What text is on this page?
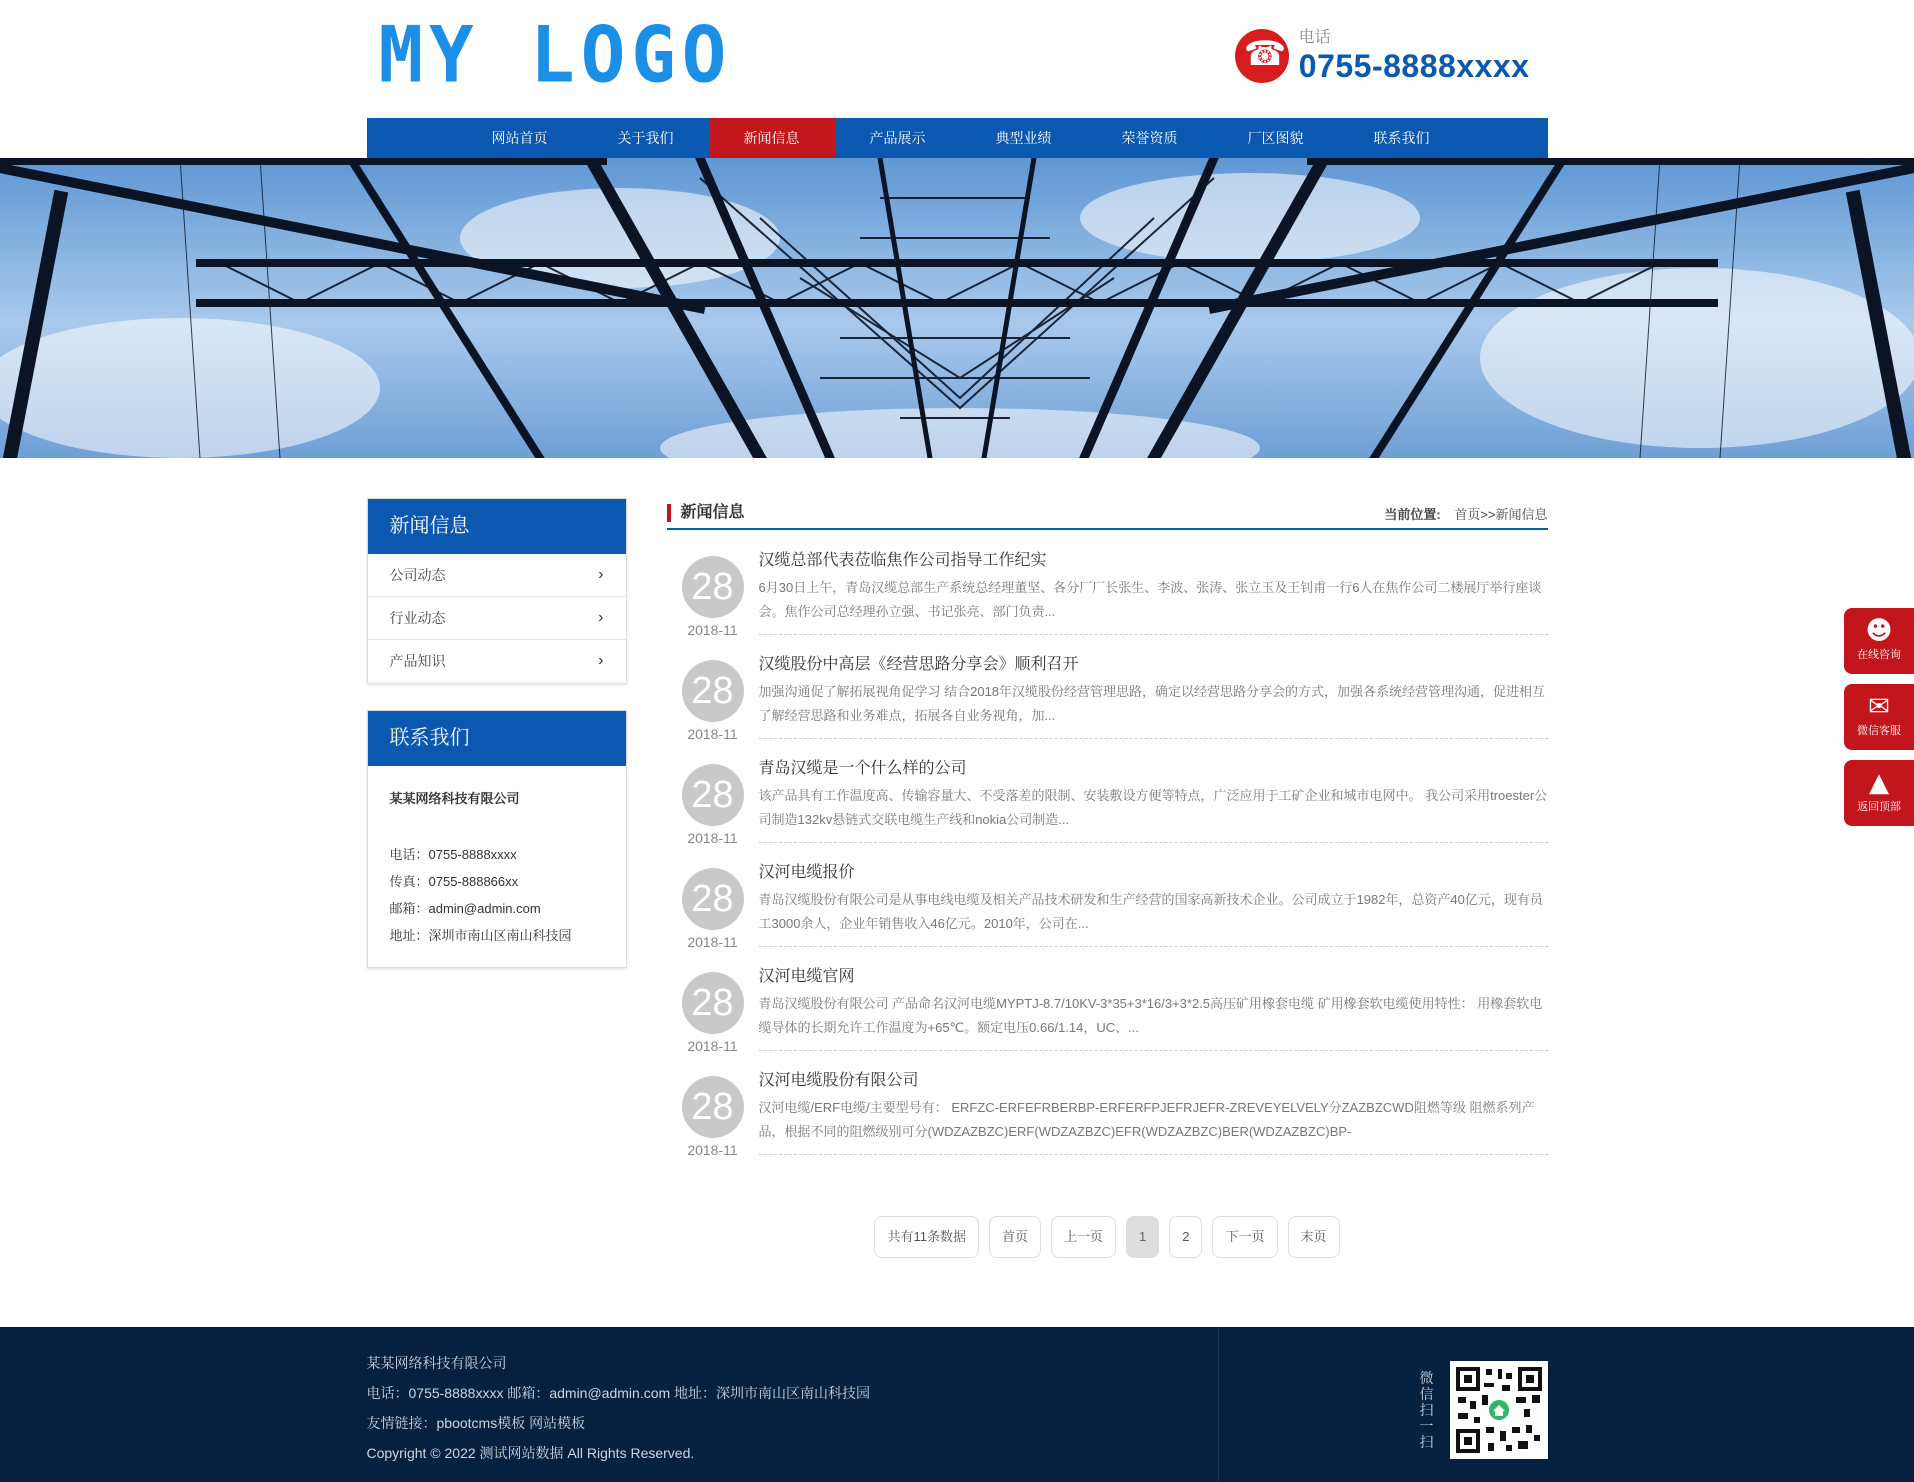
MY LOGO
☎	电话
0755-8888xxxx
网站首页	关于我们	新闻信息	产品展示	典型业绩	荣誉资质	厂区图貌	联系我们
新闻信息
公司动态	›
行业动态	›
产品知识	›
联系我们
某某网络科技有限公司
电话：0755-8888xxxx
传真：0755-888866xx
邮箱：admin@admin.com
地址：深圳市南山区南山科技园
新闻信息	当前位置: 首页>>新闻信息
28
2018-11
汉缆总部代表莅临焦作公司指导工作纪实
6月30日上午，青岛汉缆总部生产系统总经理董坚、各分厂厂长张生、李波、张涛、张立玉及王钊甫一行6人在焦作公司二楼展厅举行座谈会。焦作公司总经理孙立强、书记张亮、部门负责...
28
2018-11
汉缆股份中高层《经营思路分享会》顺利召开
加强沟通促了解拓展视角促学习 结合2018年汉缆股份经营管理思路，确定以经营思路分享会的方式，加强各系统经营管理沟通，促进相互了解经营思路和业务难点，拓展各自业务视角，加...
28
2018-11
青岛汉缆是一个什么样的公司
该产品具有工作温度高、传输容量大、不受落差的限制、安装敷设方便等特点，广泛应用于工矿企业和城市电网中。 我公司采用troester公司制造132kv悬链式交联电缆生产线和nokia公司制造...
28
2018-11
汉河电缆报价
青岛汉缆股份有限公司是从事电线电缆及相关产品技术研发和生产经营的国家高新技术企业。公司成立于1982年，总资产40亿元，现有员工3000余人，企业年销售收入46亿元。2010年，公司在...
28
2018-11
汉河电缆官网
青岛汉缆股份有限公司 产品命名汉河电缆MYPTJ-8.7/10KV-3*35+3*16/3+3*2.5高压矿用橡套电缆 矿用橡套软电缆使用特性： 用橡套软电缆导体的长期允许工作温度为+65℃。额定电压0.66/1.14，UC、...
28
2018-11
汉河电缆股份有限公司
汉河电缆/ERF电缆/主要型号有： ERFZC-ERFEFRBERBP-ERFERFPJEFRJEFR-ZREVEYELVELY分ZAZBZCWD阻燃等级 阻燃系列产品，根据不同的阻燃级别可分(WDZAZBZC)ERF(WDZAZBZC)EFR(WDZAZBZC)BER(WDZAZBZC)BP-
共有11条数据	首页	上一页	1	2	下一页	末页
某某网络科技有限公司
电话：0755-8888xxxx 邮箱：admin@admin.com 地址：深圳市南山区南山科技园
友情链接：pbootcms模板 网站模板
Copyright © 2022 测试网站数据 All Rights Reserved.
微信扫一扫
☻
在线咨询
✉
微信客服
▲
返回顶部
